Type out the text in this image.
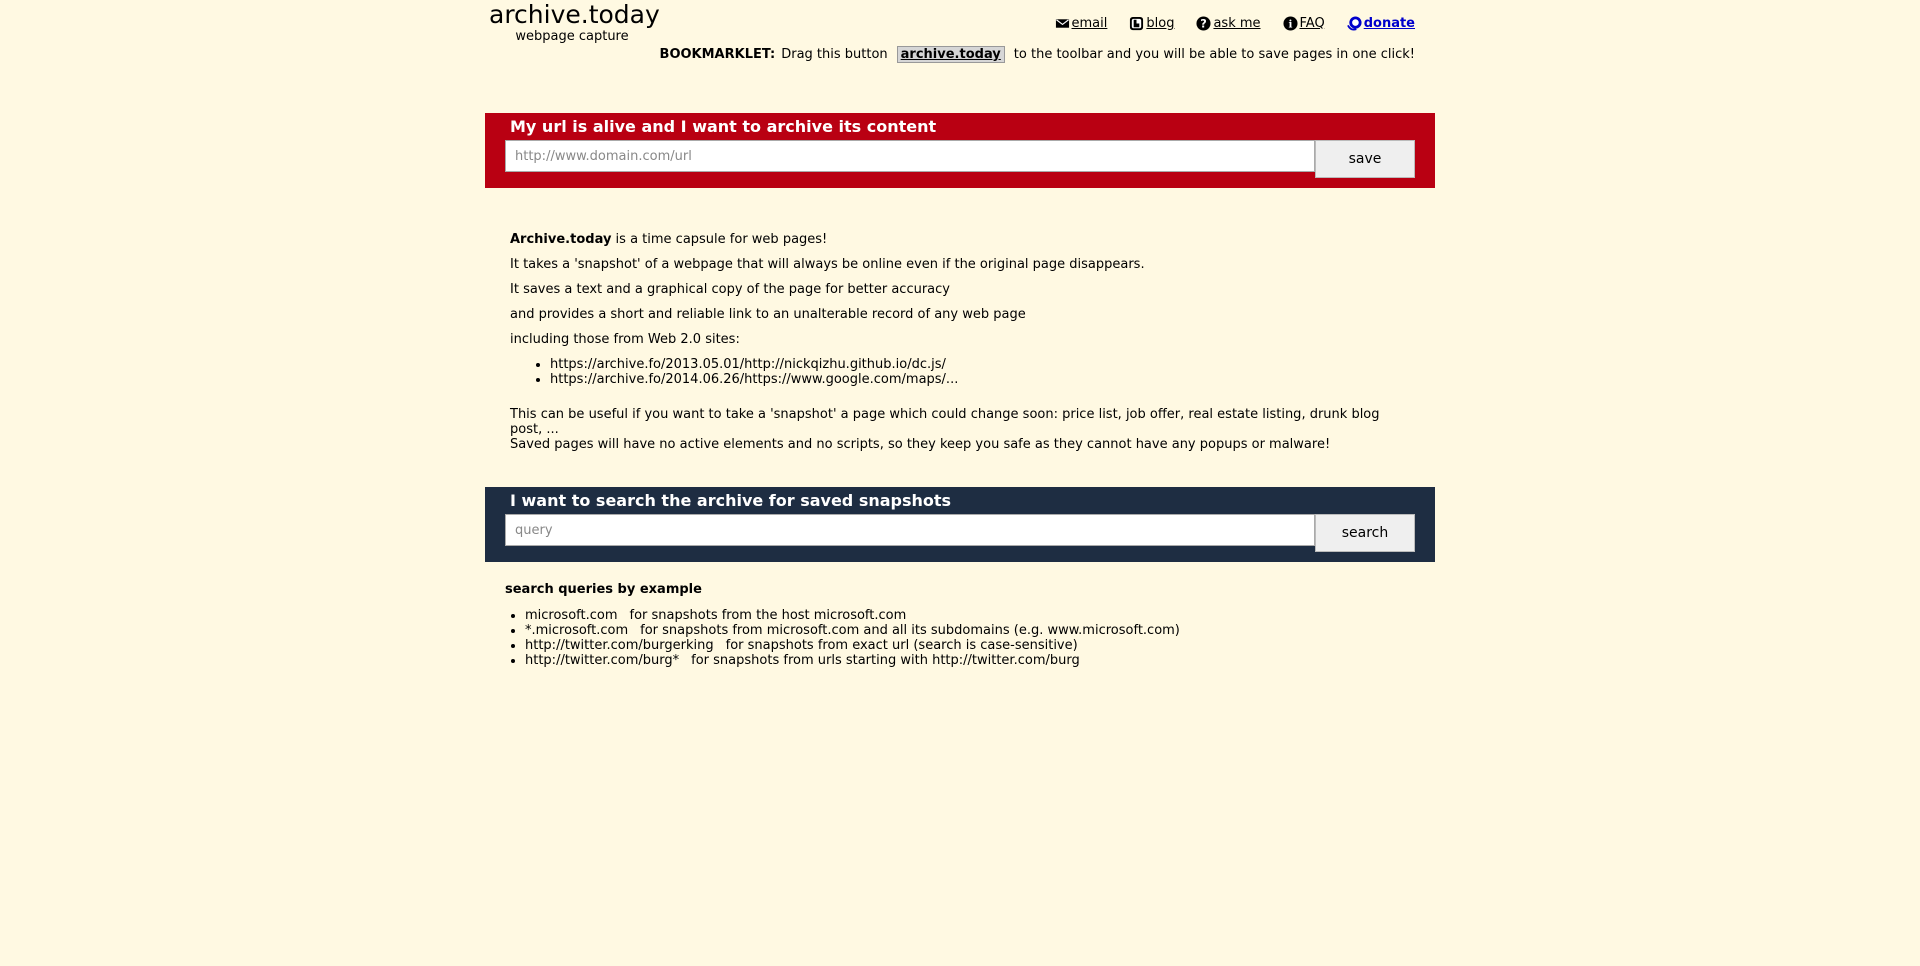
archive.today
webpage capture
email	blog ? ask me	i FAQ	donate
BOOKMARKLET: Drag this button	archive.today	to the toolbar and you will be able to save pages in one click!
My url is alive and I want to archive its content
http://www.domain.com/url
save

Archive.today is a time capsule for web pages!

It takes a 'snapshot' of a webpage that will always be online even if the original page disappears.

It saves a text and a graphical copy of the page for better accuracy

and provides a short and reliable link to an unalterable record of any web page

including those from Web 2.0 sites:

• https://archive.fo/2013.05.01/http://nickqizhu.github.io/dc.js/
• https://archive.fo/2014.06.26/https://www.google.com/maps/...

This can be useful if you want to take a 'snapshot' a page which could change soon: price list, job offer, real estate listing, drunk blog post, ...

Saved pages will have no active elements and no scripts, so they keep you safe as they cannot have any popups or malware!

I want to search the archive for saved snapshots
query
search
search queries by example
• microsoft.com for snapshots from the host microsoft.com
• *.microsoft.com for snapshots from microsoft.com and all its subdomains (e.g. www.microsoft.com)
• http://twitter.com/burgerking for snapshots from exact url (search is case-sensitive)
• http://twitter.com/burg* for snapshots from urls starting with http://twitter.com/burg
